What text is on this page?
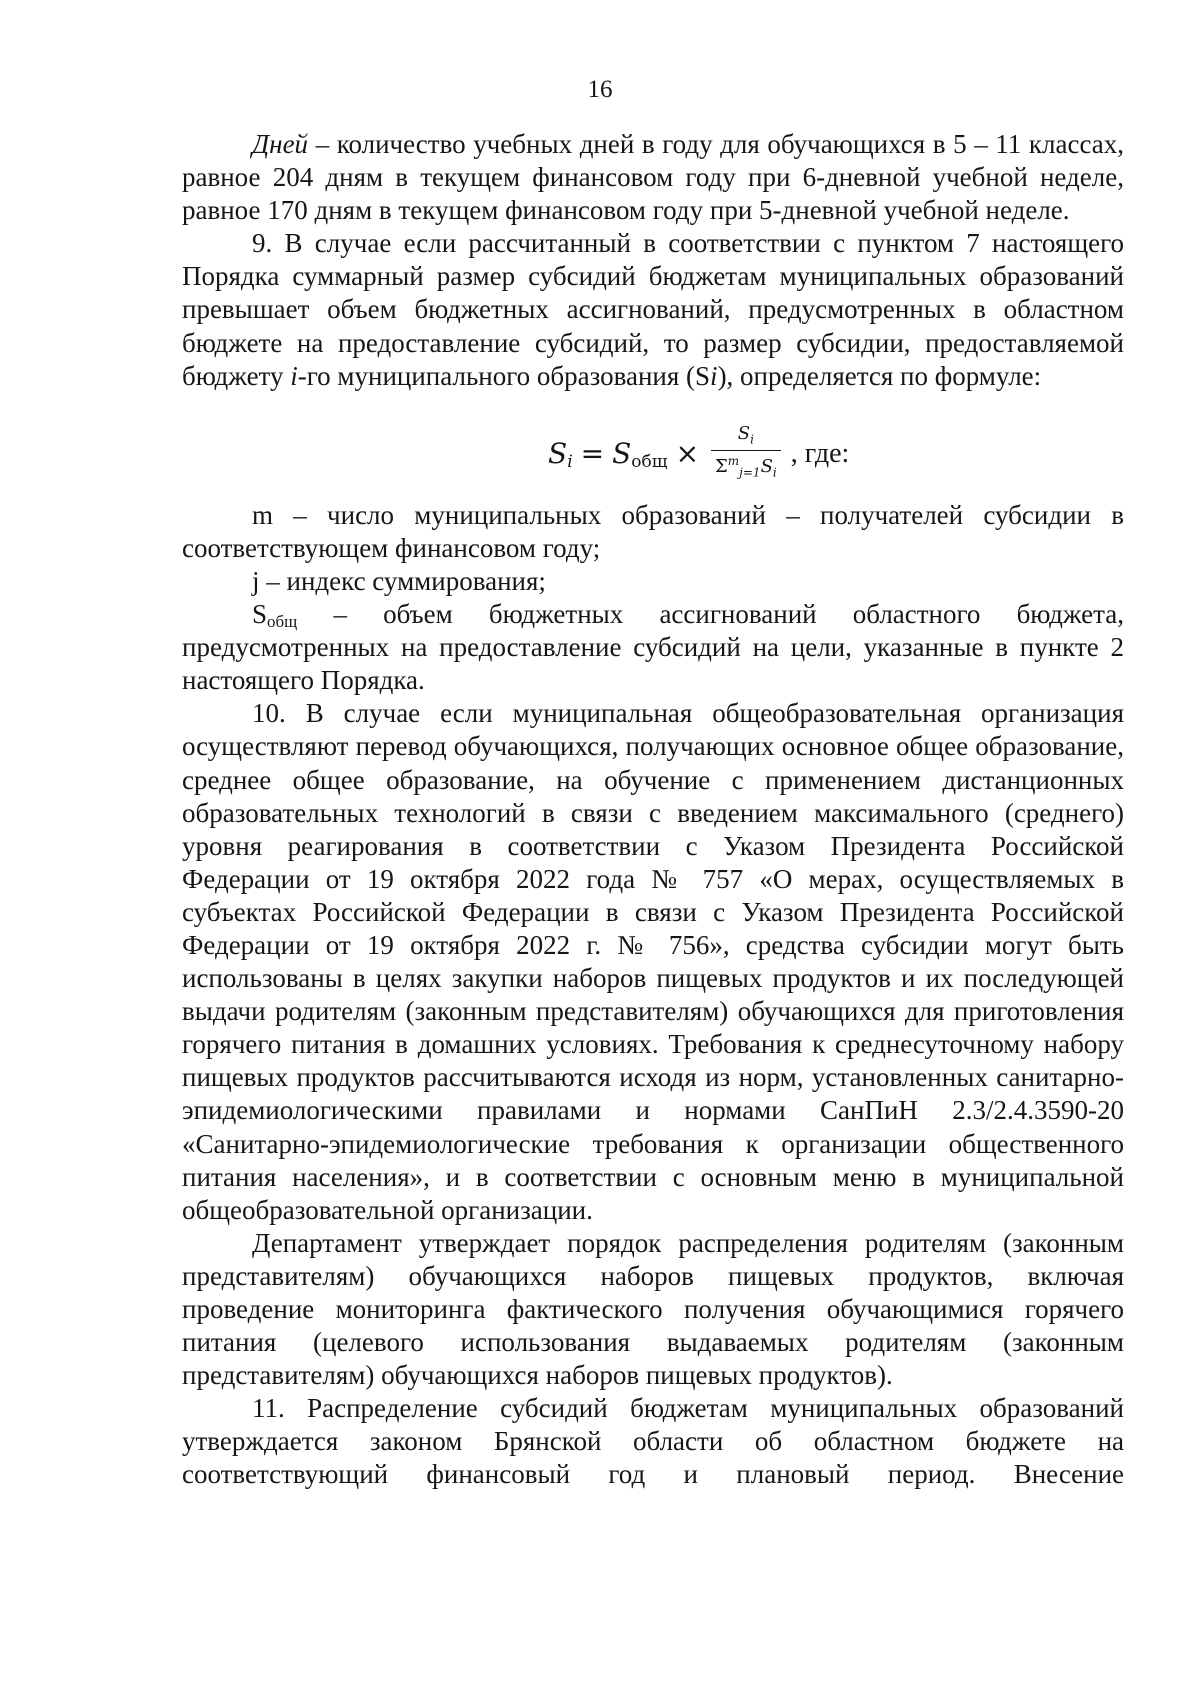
16

Дней – количество учебных дней в году для обучающихся в 5 – 11 классах, равное 204 дням в текущем финансовом году при 6-дневной учебной неделе, равное 170 дням в текущем финансовом году при 5-дневной учебной неделе.

9. В случае если рассчитанный в соответствии с пунктом 7 настоящего Порядка суммарный размер субсидий бюджетам муниципальных образований превышает объем бюджетных ассигнований, предусмотренных в областном бюджете на предоставление субсидий, то размер субсидии, предоставляемой бюджету i-го муниципального образования (Si), определяется по формуле:

$S_i = S_{общ} \times \frac{S_i}{\Sigma^m_{j=1}S_i}$ , где:

m – число муниципальных образований – получателей субсидии в соответствующем финансовом году;

j – индекс суммирования;

$S_{общ}$ – объем бюджетных ассигнований областного бюджета, предусмотренных на предоставление субсидий на цели, указанные в пункте 2 настоящего Порядка.

10. В случае если муниципальная общеобразовательная организация осуществляют перевод обучающихся, получающих основное общее образование, среднее общее образование, на обучение с применением дистанционных образовательных технологий в связи с введением максимального (среднего) уровня реагирования в соответствии с Указом Президента Российской Федерации от 19 октября 2022 года № 757 «О мерах, осуществляемых в субъектах Российской Федерации в связи с Указом Президента Российской Федерации от 19 октября 2022 г. № 756», средства субсидии могут быть использованы в целях закупки наборов пищевых продуктов и их последующей выдачи родителям (законным представителям) обучающихся для приготовления горячего питания в домашних условиях. Требования к среднесуточному набору пищевых продуктов рассчитываются исходя из норм, установленных санитарно-эпидемиологическими правилами и нормами СанПиН 2.3/2.4.3590-20 «Санитарно-эпидемиологические требования к организации общественного питания населения», и в соответствии с основным меню в муниципальной общеобразовательной организации.

Департамент утверждает порядок распределения родителям (законным представителям) обучающихся наборов пищевых продуктов, включая проведение мониторинга фактического получения обучающимися горячего питания (целевого использования выдаваемых родителям (законным представителям) обучающихся наборов пищевых продуктов).

11. Распределение субсидий бюджетам муниципальных образований утверждается законом Брянской области об областном бюджете на соответствующий финансовый год и плановый период. Внесение
